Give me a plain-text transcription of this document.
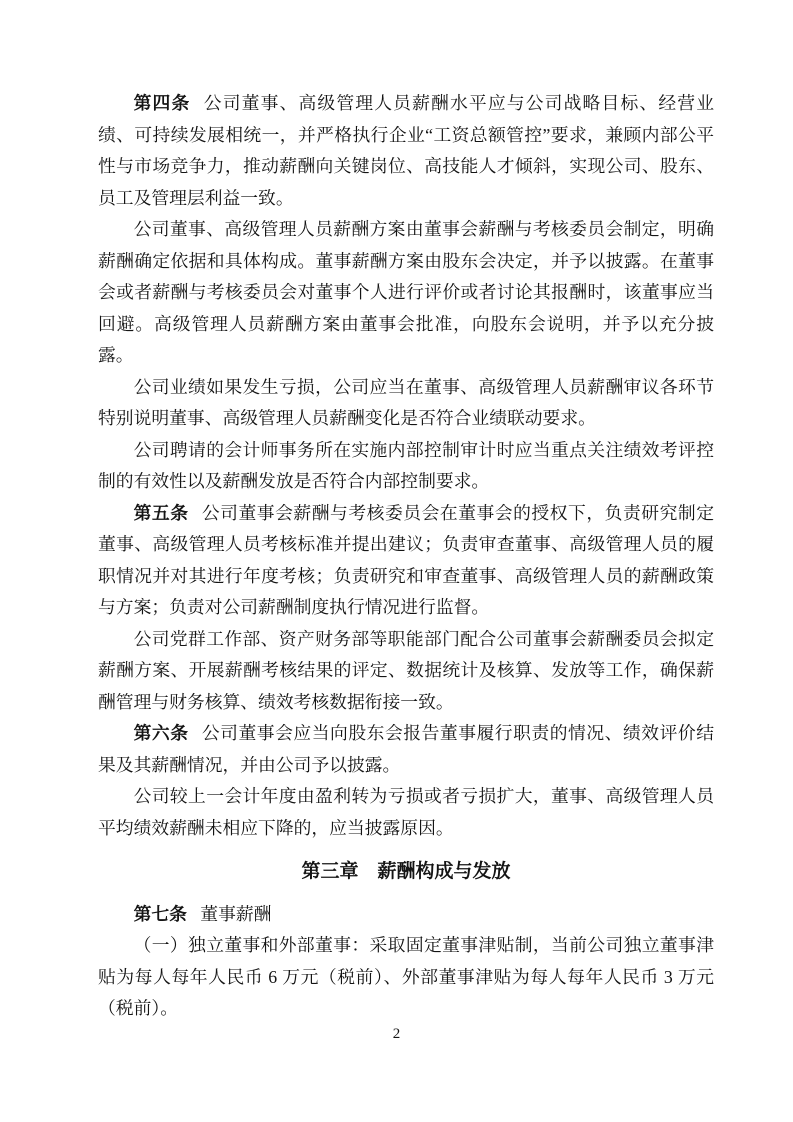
第四条 公司董事、高级管理人员薪酬水平应与公司战略目标、经营业绩、可持续发展相统一，并严格执行企业“工资总额管控”要求，兼顾内部公平性与市场竞争力，推动薪酬向关键岗位、高技能人才倾斜，实现公司、股东、员工及管理层利益一致。

公司董事、高级管理人员薪酬方案由董事会薪酬与考核委员会制定，明确薪酬确定依据和具体构成。董事薪酬方案由股东会决定，并予以披露。在董事会或者薪酬与考核委员会对董事个人进行评价或者讨论其报酬时，该董事应当回避。高级管理人员薪酬方案由董事会批准，向股东会说明，并予以充分披露。

公司业绩如果发生亏损，公司应当在董事、高级管理人员薪酬审议各环节特别说明董事、高级管理人员薪酬变化是否符合业绩联动要求。

公司聘请的会计师事务所在实施内部控制审计时应当重点关注绩效考评控制的有效性以及薪酬发放是否符合内部控制要求。

第五条 公司董事会薪酬与考核委员会在董事会的授权下，负责研究制定董事、高级管理人员考核标准并提出建议；负责审查董事、高级管理人员的履职情况并对其进行年度考核；负责研究和审查董事、高级管理人员的薪酬政策与方案；负责对公司薪酬制度执行情况进行监督。

公司党群工作部、资产财务部等职能部门配合公司董事会薪酬委员会拟定薪酬方案、开展薪酬考核结果的评定、数据统计及核算、发放等工作，确保薪酬管理与财务核算、绩效考核数据衔接一致。

第六条 公司董事会应当向股东会报告董事履行职责的情况、绩效评价结果及其薪酬情况，并由公司予以披露。

公司较上一会计年度由盈利转为亏损或者亏损扩大，董事、高级管理人员平均绩效薪酬未相应下降的，应当披露原因。

第三章　薪酬构成与发放

第七条 董事薪酬

（一）独立董事和外部董事：采取固定董事津贴制，当前公司独立董事津贴为每人每年人民币 6 万元（税前）、外部董事津贴为每人每年人民币 3 万元（税前）。

2
